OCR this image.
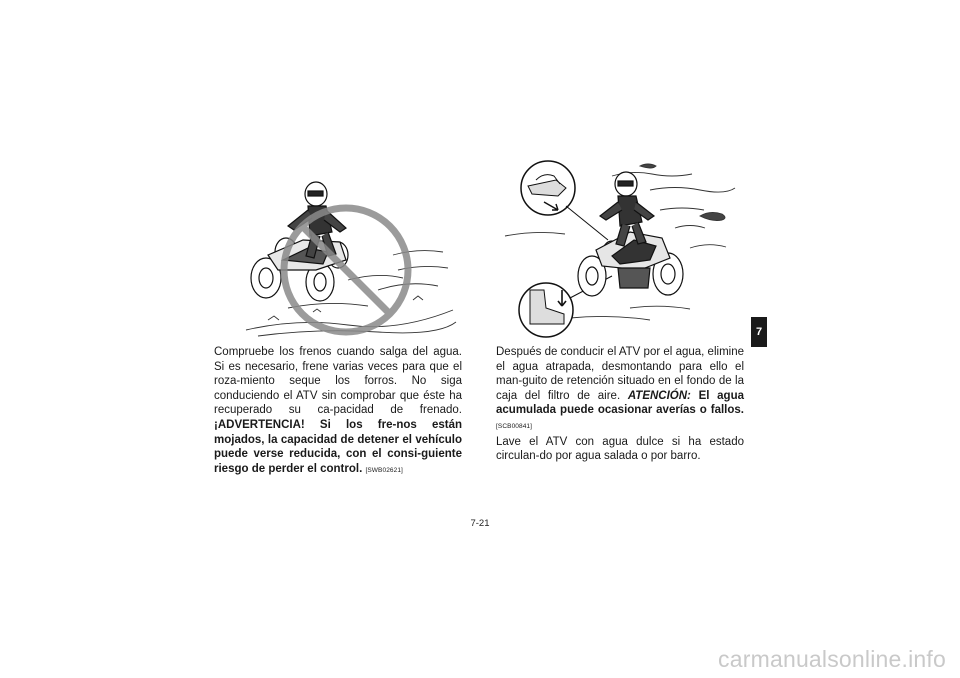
Compruebe los frenos cuando salga del agua. Si es necesario, frene varias veces para que el roza-miento seque los forros. No siga conduciendo el ATV sin comprobar que éste ha recuperado su ca-pacidad de frenado. ¡ADVERTENCIA! Si los fre-nos están mojados, la capacidad de detener el vehículo puede verse reducida, con el consi-guiente riesgo de perder el control. [SWB02621]

Después de conducir el ATV por el agua, elimine el agua atrapada, desmontando para ello el man-guito de retención situado en el fondo de la caja del filtro de aire. ATENCIÓN: El agua acumulada puede ocasionar averías o fallos. [SCB00841]

Lave el ATV con agua dulce si ha estado circulan-do por agua salada o por barro.

7
7-21
carmanualsonline.info
